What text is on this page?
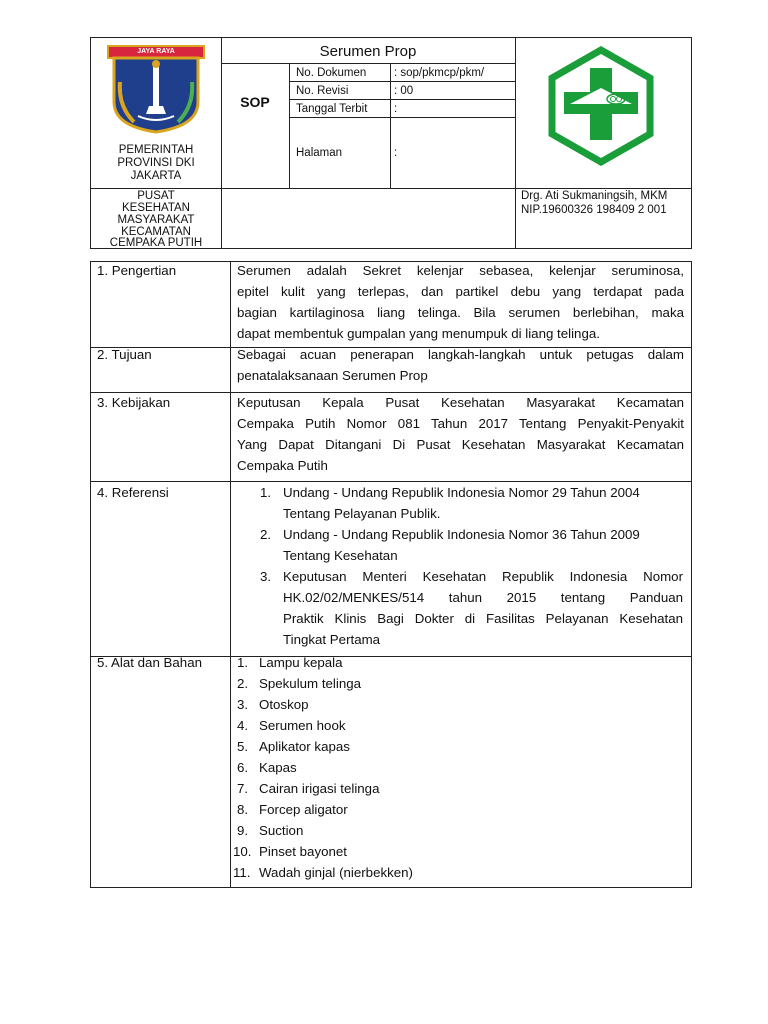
JAYA RAYA
PEMERINTAH
PROVINSI DKI
JAKARTA
Serumen Prop
SOP
No. Dokumen : sop/pkmcp/pkm/
No. Revisi	: 00
Tanggal Terbit :
Halaman	:
PUSAT
KESEHATAN
MASYARAKAT
KECAMATAN
CEMPAKA PUTIH
Drg. Ati Sukmaningsih, MKM
NIP.19600326 198409 2 001
1. Pengertian
2. Tujuan
3. Kebijakan
4. Referensi
5. Alat dan Bahan
Serumen adalah Sekret kelenjar sebasea, kelenjar seruminosa,
epitel kulit yang terlepas, dan partikel debu yang terdapat pada
bagian kartilaginosa liang telinga. Bila serumen berlebihan, maka
dapat membentuk gumpalan yang menumpuk di liang telinga.
Sebagai acuan penerapan langkah-langkah untuk petugas dalam
penatalaksanaan Serumen Prop
Keputusan Kepala Pusat Kesehatan Masyarakat Kecamatan
Cempaka Putih Nomor 081 Tahun 2017 Tentang Penyakit-Penyakit
Yang Dapat Ditangani Di Pusat Kesehatan Masyarakat Kecamatan
Cempaka Putih
1. Undang - Undang Republik Indonesia Nomor 29 Tahun 2004
Tentang Pelayanan Publik.
2. Undang - Undang Republik Indonesia Nomor 36 Tahun 2009
Tentang Kesehatan
3. Keputusan Menteri Kesehatan Republik Indonesia Nomor
HK.02/02/MENKES/514 tahun 2015 tentang Panduan
Praktik Klinis Bagi Dokter di Fasilitas Pelayanan Kesehatan
Tingkat Pertama
1. Lampu kepala
2. Spekulum telinga
3. Otoskop
4. Serumen hook
5. Aplikator kapas
6. Kapas
7. Cairan irigasi telinga
8. Forcep aligator
9. Suction
10. Pinset bayonet
11. Wadah ginjal (nierbekken)
